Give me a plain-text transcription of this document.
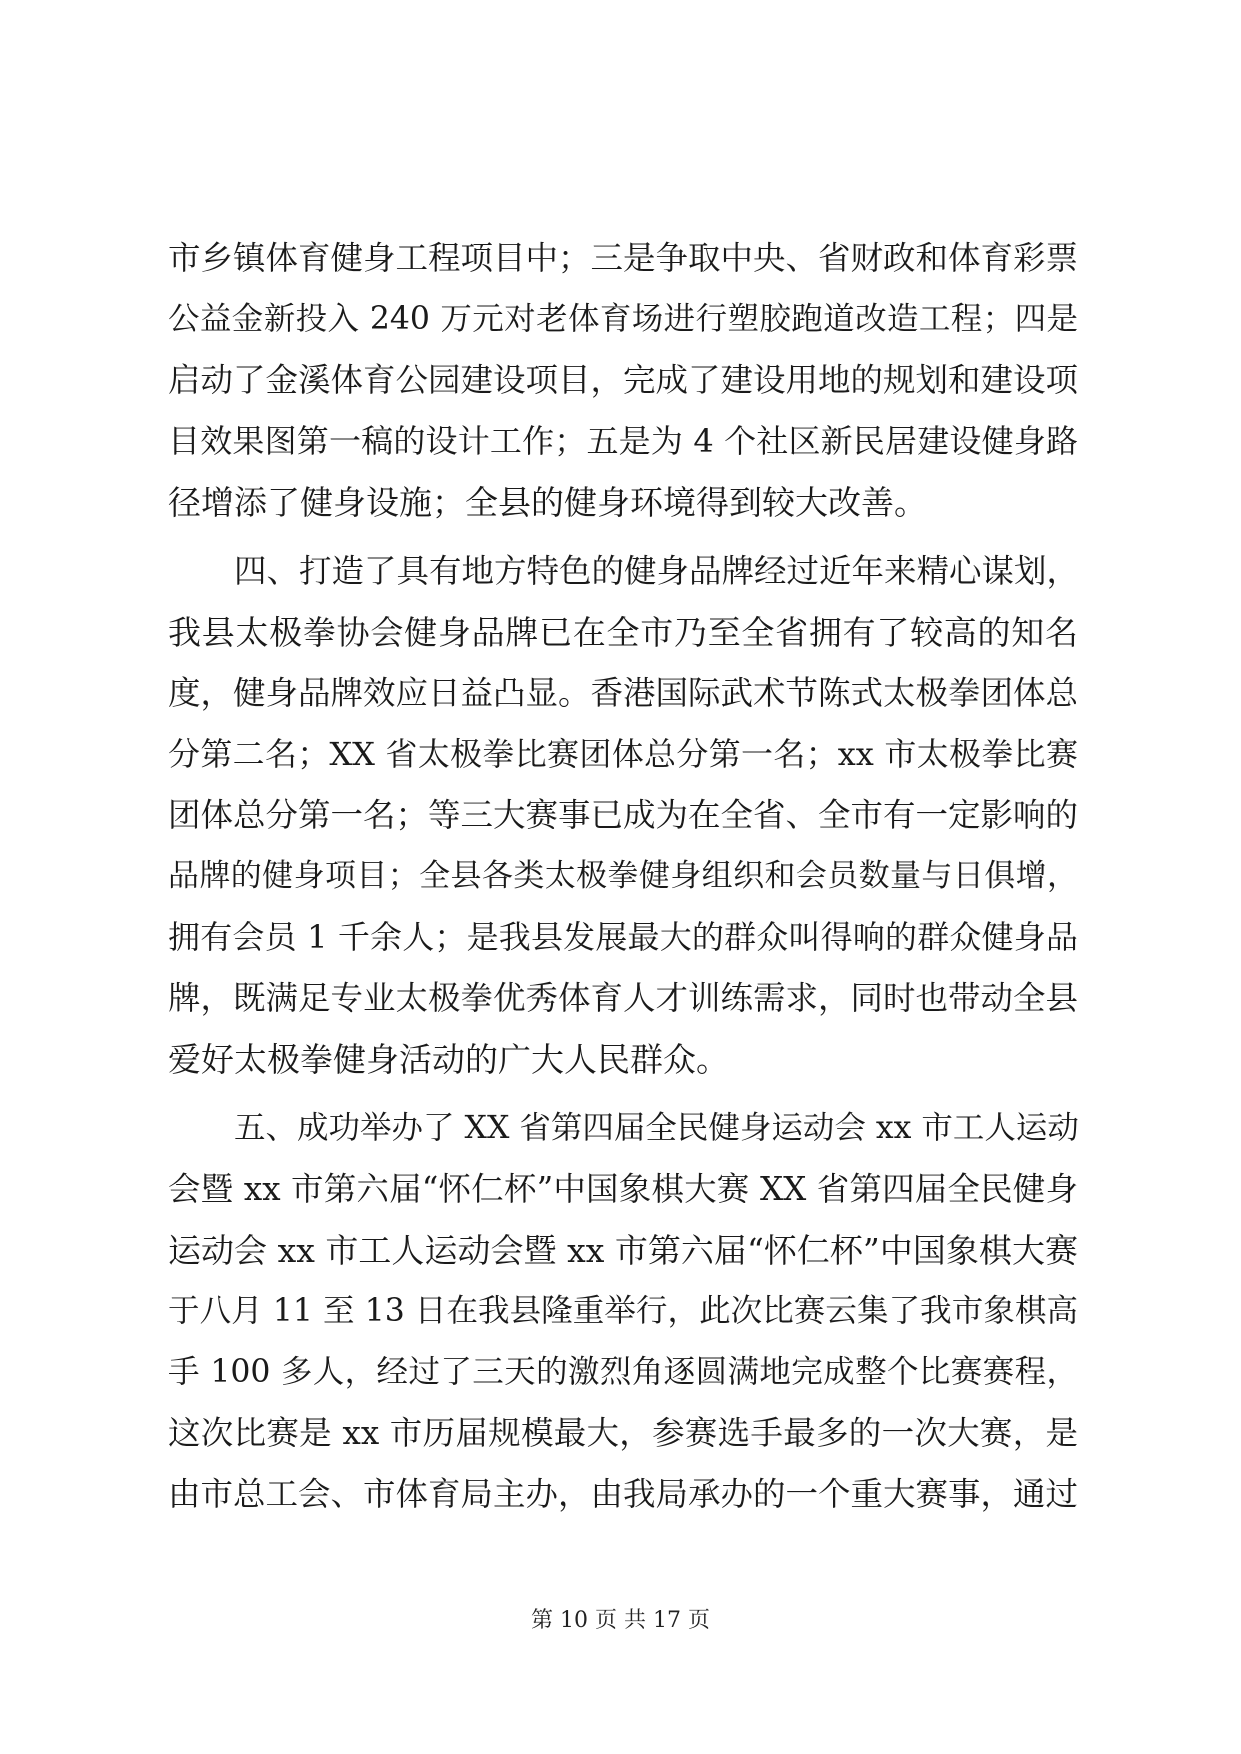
市乡镇体育健身工程项目中；三是争取中央、省财政和体育彩票
公益金新投入 240 万元对老体育场进行塑胶跑道改造工程；四是
启动了金溪体育公园建设项目，完成了建设用地的规划和建设项
目效果图第一稿的设计工作；五是为 4 个社区新民居建设健身路
径增添了健身设施；全县的健身环境得到较大改善。
四、打造了具有地方特色的健身品牌经过近年来精心谋划，
我县太极拳协会健身品牌已在全市乃至全省拥有了较高的知名
度，健身品牌效应日益凸显。香港国际武术节陈式太极拳团体总
分第二名；XX 省太极拳比赛团体总分第一名；xx 市太极拳比赛
团体总分第一名；等三大赛事已成为在全省、全市有一定影响的
品牌的健身项目；全县各类太极拳健身组织和会员数量与日俱增，
拥有会员 1 千余人；是我县发展最大的群众叫得响的群众健身品
牌，既满足专业太极拳优秀体育人才训练需求，同时也带动全县
爱好太极拳健身活动的广大人民群众。
五、成功举办了 XX 省第四届全民健身运动会 xx 市工人运动
会暨 xx 市第六届“怀仁杯”中国象棋大赛 XX 省第四届全民健身
运动会 xx 市工人运动会暨 xx 市第六届“怀仁杯”中国象棋大赛
于八月 11 至 13 日在我县隆重举行，此次比赛云集了我市象棋高
手 100 多人，经过了三天的激烈角逐圆满地完成整个比赛赛程，
这次比赛是 xx 市历届规模最大，参赛选手最多的一次大赛，是
由市总工会、市体育局主办，由我局承办的一个重大赛事，通过
第 10 页 共 17 页
